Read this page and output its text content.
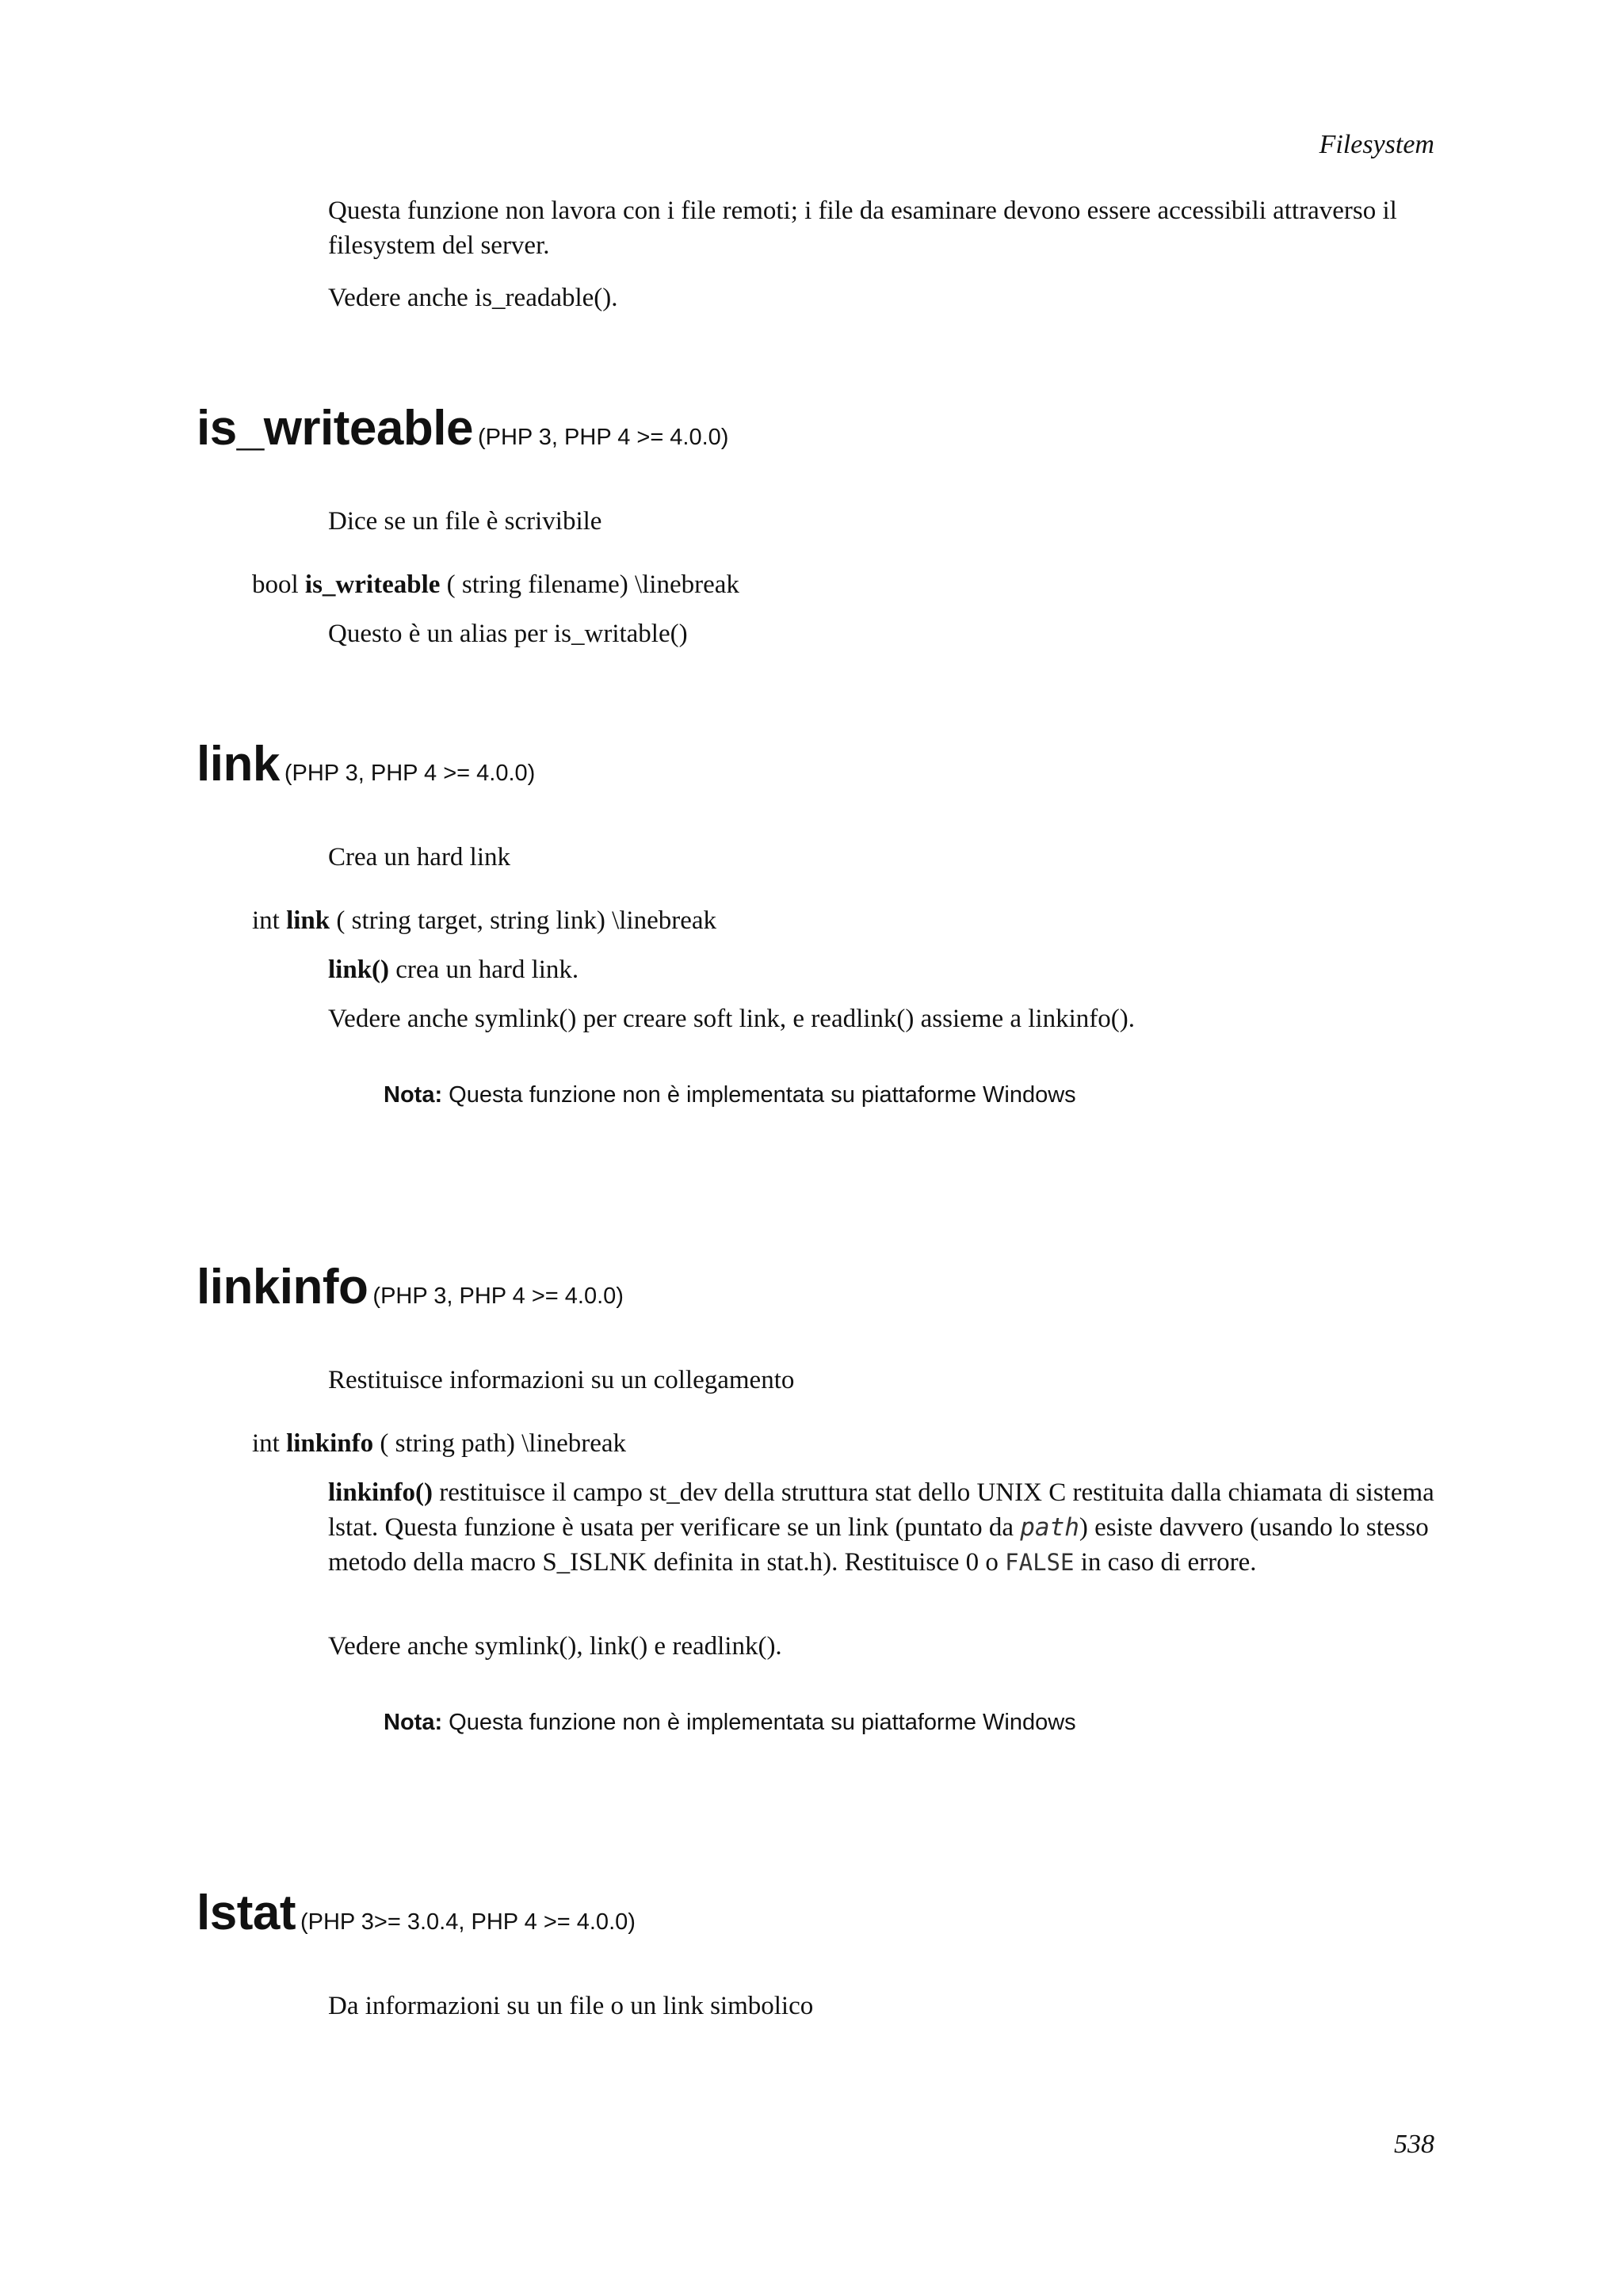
Filesystem

Questa funzione non lavora con i file remoti; i file da esaminare devono essere accessibili attraverso il filesystem del server.

Vedere anche is_readable().

is_writeable (PHP 3, PHP 4 >= 4.0.0)

Dice se un file è scrivibile

bool is_writeable ( string filename) \linebreak

Questo è un alias per is_writable()

link (PHP 3, PHP 4 >= 4.0.0)

Crea un hard link

int link ( string target, string link) \linebreak

link() crea un hard link.

Vedere anche symlink() per creare soft link, e readlink() assieme a linkinfo().

Nota: Questa funzione non è implementata su piattaforme Windows

linkinfo (PHP 3, PHP 4 >= 4.0.0)

Restituisce informazioni su un collegamento

int linkinfo ( string path) \linebreak

linkinfo() restituisce il campo st_dev della struttura stat dello UNIX C restituita dalla chiamata di sistema lstat. Questa funzione è usata per verificare se un link (puntato da path) esiste davvero (usando lo stesso metodo della macro S_ISLNK definita in stat.h). Restituisce 0 o FALSE in caso di errore.

Vedere anche symlink(), link() e readlink().

Nota: Questa funzione non è implementata su piattaforme Windows

lstat (PHP 3>= 3.0.4, PHP 4 >= 4.0.0)

Da informazioni su un file o un link simbolico

538
